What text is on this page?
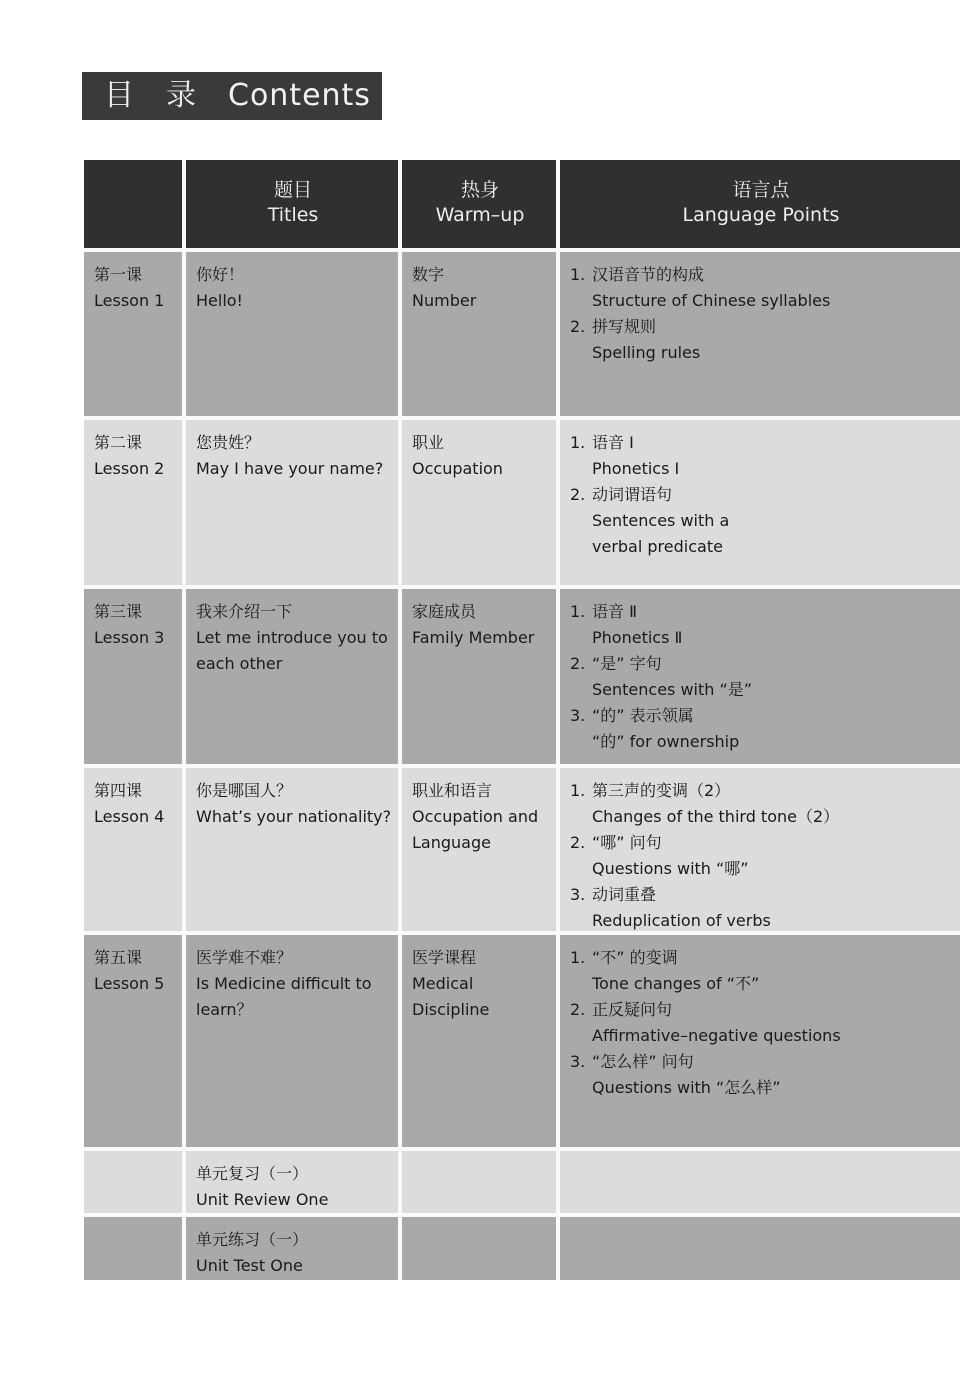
目　录　Contents
题目
Titles
热身
Warm–up
语言点
Language Points
第一课
Lesson 1
你好！
Hello!
数字
Number
1. 汉语音节的构成
Structure of Chinese syllables
2. 拼写规则
Spelling rules
第二课
Lesson 2
您贵姓？
May I have your name?
职业
Occupation
1. 语音 Ⅰ
Phonetics Ⅰ
2. 动词谓语句
Sentences with a verbal predicate
第三课
Lesson 3
我来介绍一下
Let me introduce you to each other
家庭成员
Family Member
1. 语音 Ⅱ
Phonetics Ⅱ
2. “是” 字句
Sentences with “是”
3. “的” 表示领属
“的” for ownership
第四课
Lesson 4
你是哪国人？
What’s your nationality?
职业和语言
Occupation and Language
1. 第三声的变调（2）
Changes of the third tone（2）
2. “哪” 问句
Questions with “哪”
3. 动词重叠
Reduplication of verbs
第五课
Lesson 5
医学难不难？
Is Medicine difficult to learn？
医学课程
Medical Discipline
1. “不” 的变调
Tone changes of “不”
2. 正反疑问句
Affirmative–negative questions
3. “怎么样” 问句
Questions with “怎么样”
单元复习（一）
Unit Review One
单元练习（一）
Unit Test One
